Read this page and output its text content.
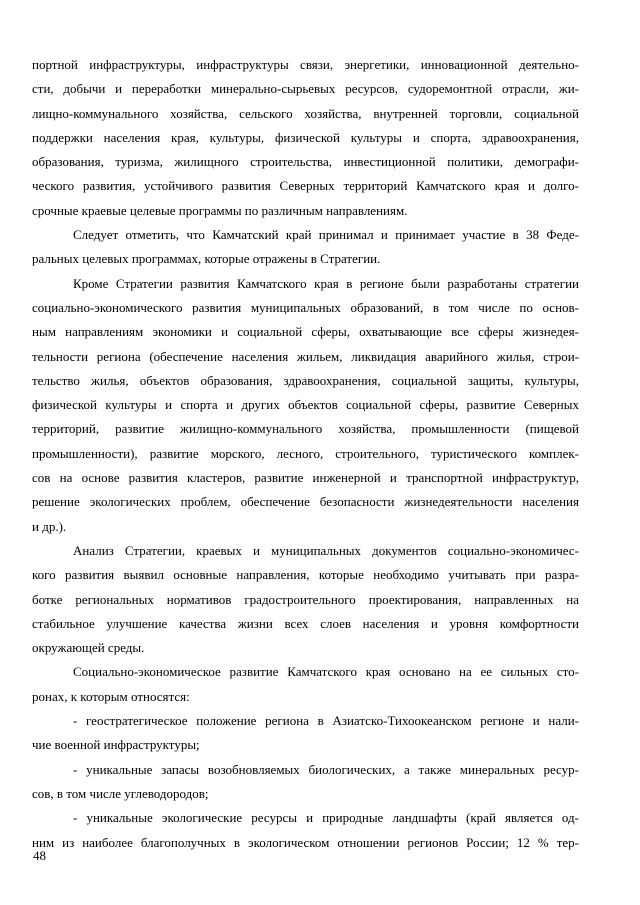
портной инфраструктуры, инфраструктуры связи, энергетики, инновационной деятельно-
сти, добычи и переработки минерально-сырьевых ресурсов, судоремонтной отрасли, жи-
лищно-коммунального хозяйства, сельского хозяйства, внутренней торговли, социальной
поддержки населения края, культуры, физической культуры и спорта, здравоохранения,
образования, туризма, жилищного строительства, инвестиционной политики, демографи-
ческого развития, устойчивого развития Северных территорий Камчатского края и долго-
срочные краевые целевые программы по различным направлениям.
Следует отметить, что Камчатский край принимал и принимает участие в 38 Феде-
ральных целевых программах, которые отражены в Стратегии.
Кроме Стратегии развития Камчатского края в регионе были разработаны стратегии
социально-экономического развития муниципальных образований, в том числе по основ-
ным направлениям экономики и социальной сферы, охватывающие все сферы жизнедея-
тельности региона (обеспечение населения жильем, ликвидация аварийного жилья, строи-
тельство жилья, объектов образования, здравоохранения, социальной защиты, культуры,
физической культуры и спорта и других объектов социальной сферы, развитие Северных
территорий, развитие жилищно-коммунального хозяйства, промышленности (пищевой
промышленности), развитие морского, лесного, строительного, туристического комплек-
сов на основе развития кластеров, развитие инженерной и транспортной инфраструктур,
решение экологических проблем, обеспечение безопасности жизнедеятельности населения
и др.).
Анализ Стратегии, краевых и муниципальных документов социально-экономичес-
кого развития выявил основные направления, которые необходимо учитывать при разра-
ботке региональных нормативов градостроительного проектирования, направленных на
стабильное улучшение качества жизни всех слоев населения и уровня комфортности
окружающей среды.
Социально-экономическое развитие Камчатского края основано на ее сильных сто-
ронах, к которым относятся:
- геостратегическое положение региона в Азиатско-Тихоокеанском регионе и нали-
чие военной инфраструктуры;
- уникальные запасы возобновляемых биологических, а также минеральных ресур-
сов, в том числе углеводородов;
- уникальные экологические ресурсы и природные ландшафты (край является од-
ним из наиболее благополучных в экологическом отношении регионов России; 12 % тер-
48
